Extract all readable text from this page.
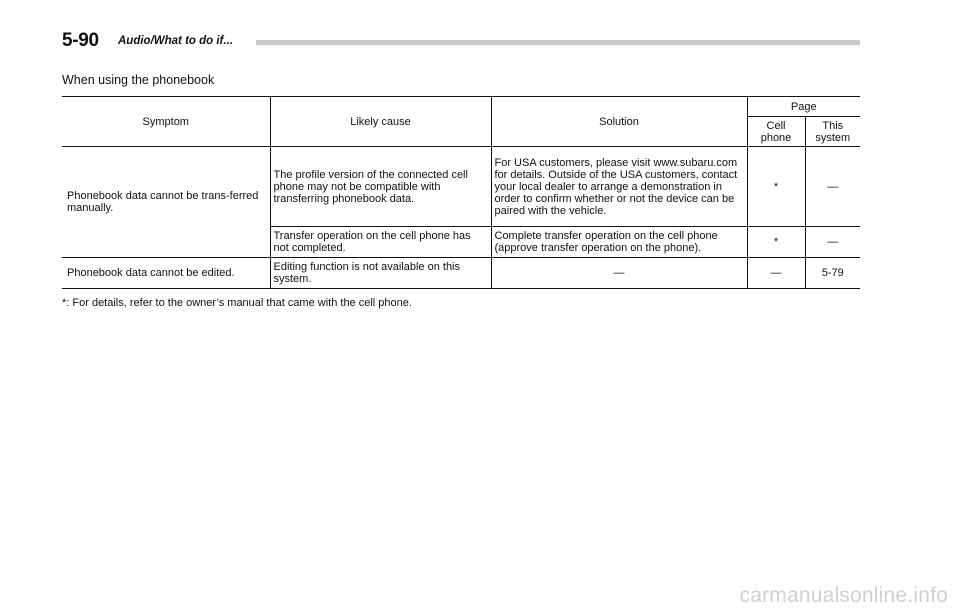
5-90 Audio/What to do if...
When using the phonebook
Symptom	Likely cause	Solution	Page	
			Cell phone	This system
Phonebook data cannot be trans-ferred manually.	The profile version of the connected cell phone may not be compatible with transferring phonebook data.	For USA customers, please visit www.subaru.com for details. Outside of the USA customers, contact your local dealer to arrange a demonstration in order to confirm whether or not the device can be paired with the vehicle.	*	—
	Transfer operation on the cell phone has not completed.	Complete transfer operation on the cell phone (approve transfer operation on the phone).	*	—
Phonebook data cannot be edited.	Editing function is not available on this system.	—	—	5-79
*: For details, refer to the owner’s manual that came with the cell phone.
carmanualsonline.info
